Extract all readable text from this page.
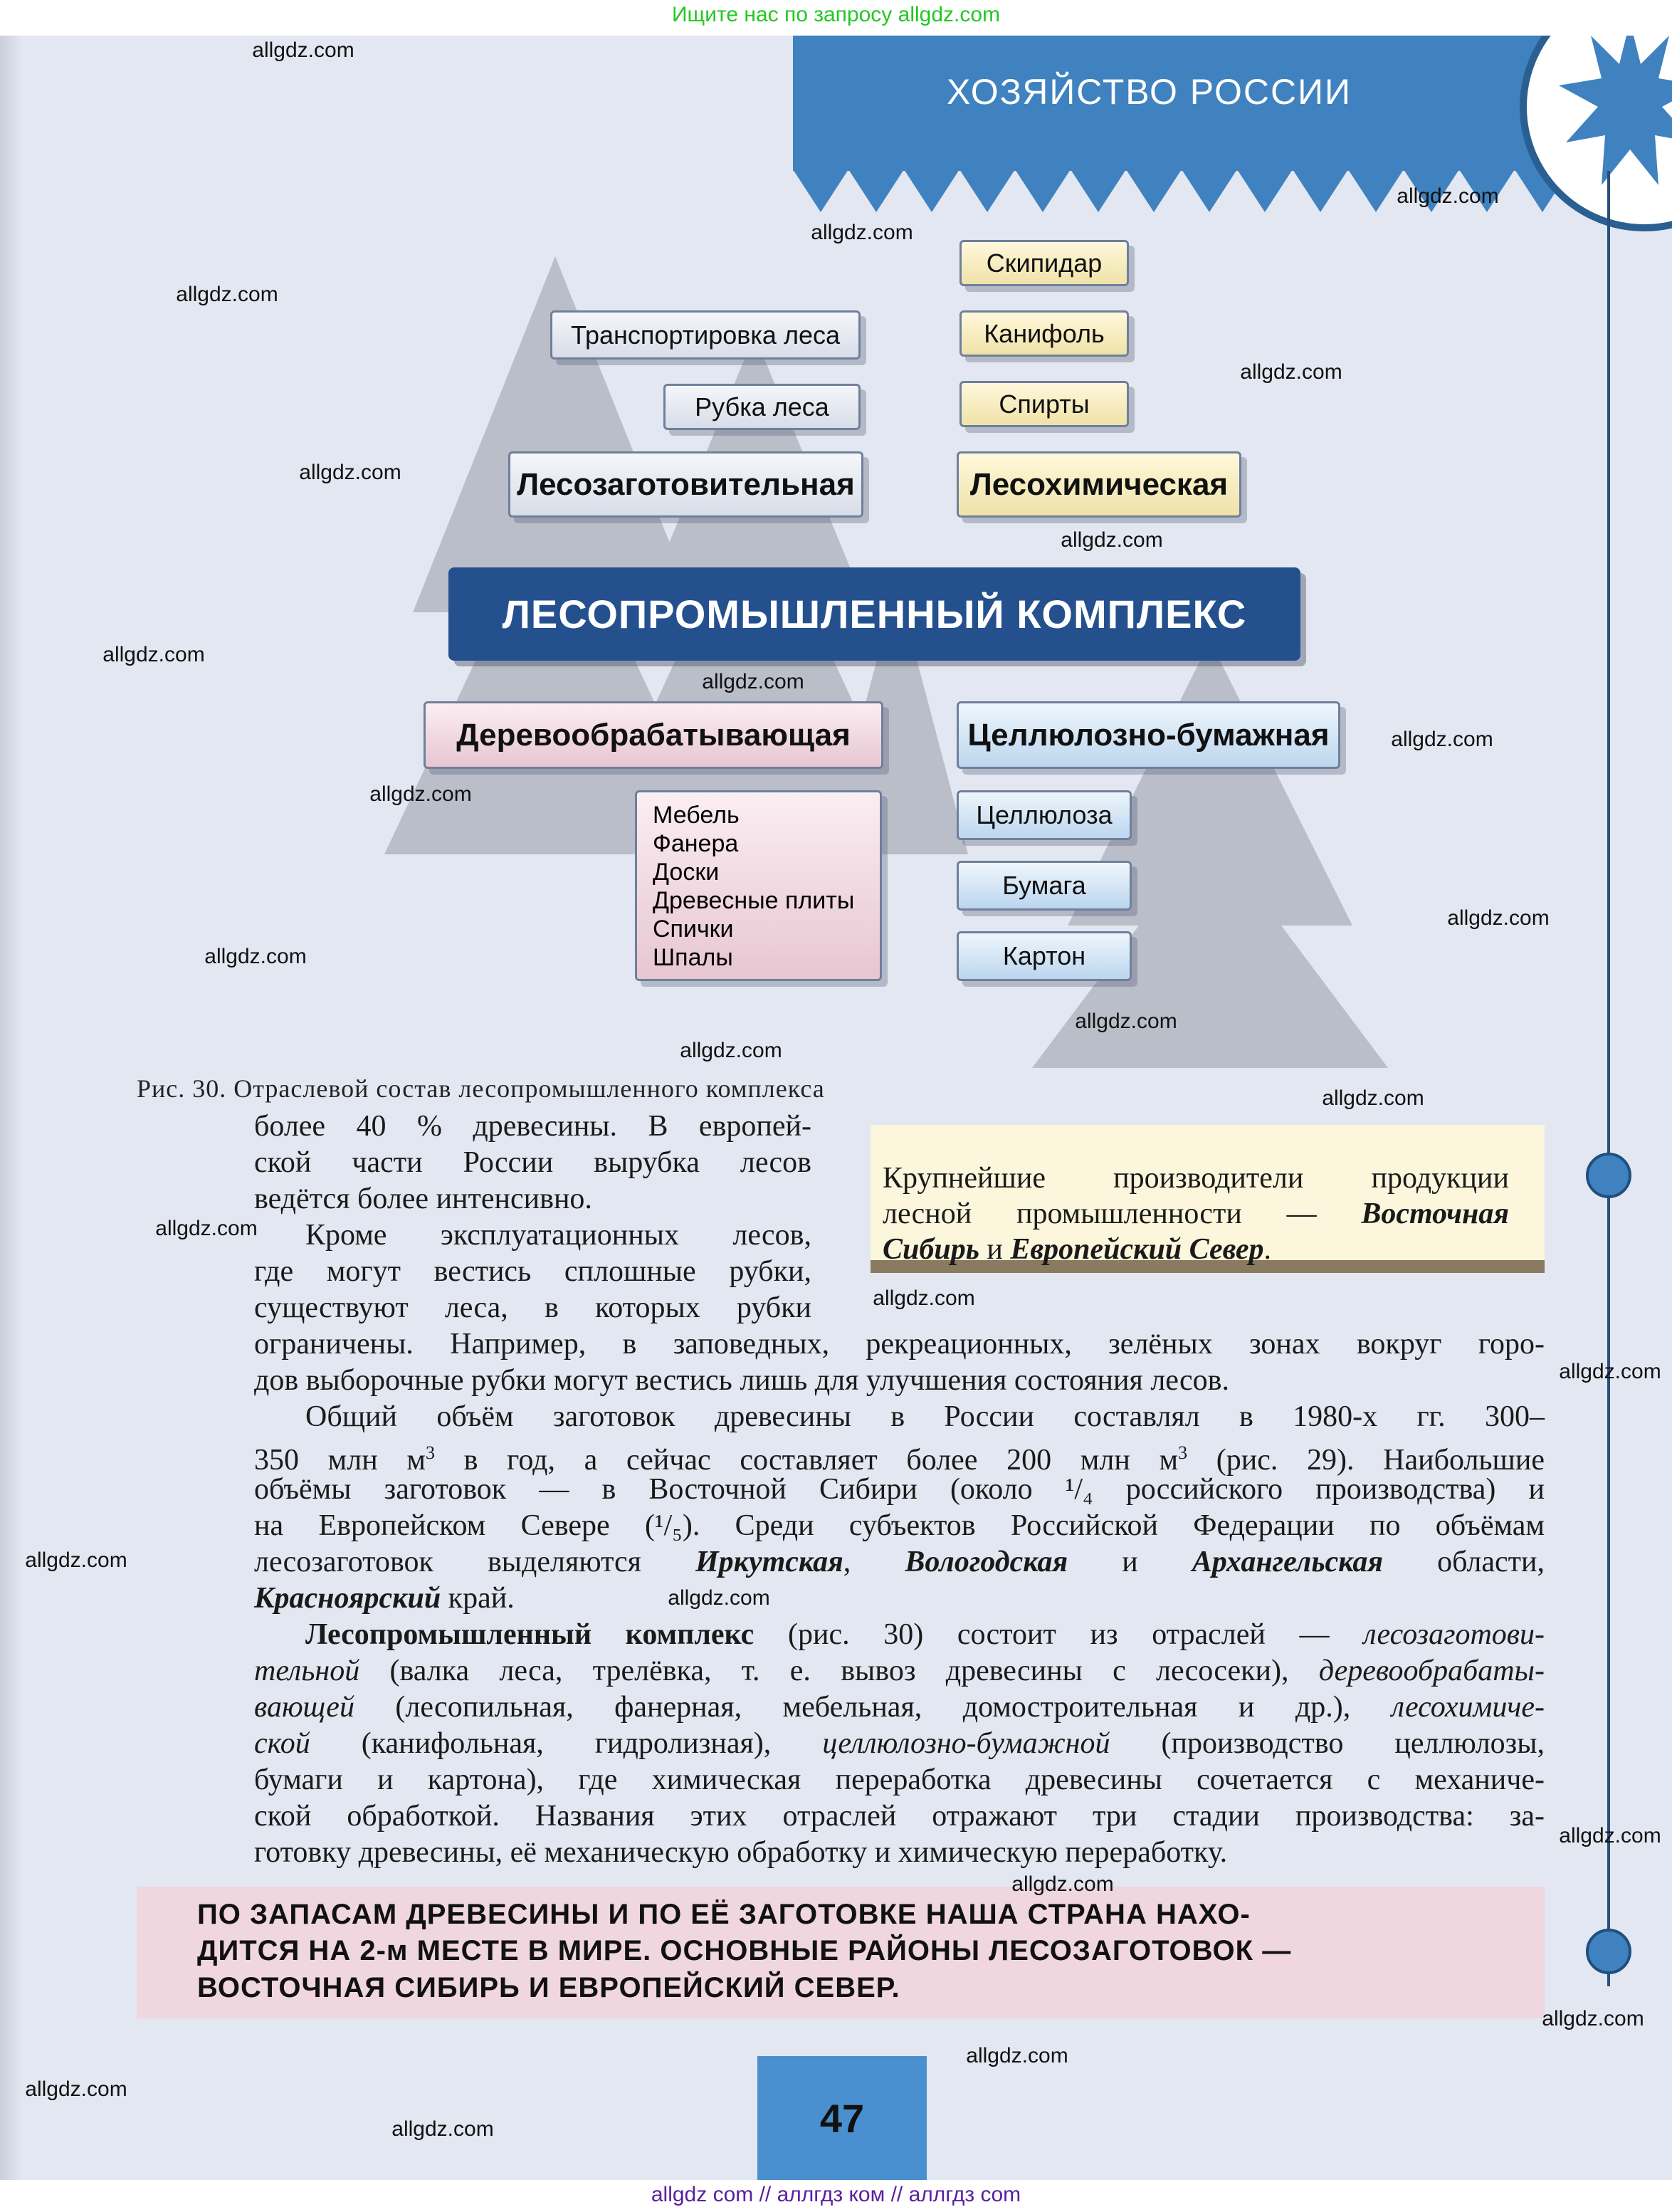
Ищите нас по запросу allgdz.com
ХОЗЯЙСТВО РОССИИ
Скипидар
Канифоль
Спирты
Транспортировка леса
Рубка леса
Лесозаготовительная	Лесохимическая
ЛЕСОПРОМЫШЛЕННЫЙ КОМПЛЕКС
Деревообрабатывающая	Целлюлозно-бумажная
Мебель
Фанера
Доски
Древесные плиты
Спички
Шпалы
Целлюлоза
Бумага
Картон
Рис. 30. Отраслевой состав лесопромышленного комплекса
Крупнейшие производители продукции
лесной промышленности — Восточная
Сибирь и Европейский Север.
более 40 % древесины. В европей-
ской части России вырубка лесов
ведётся более интенсивно.
Кроме эксплуатационных лесов,
где могут вестись сплошные рубки,
существуют леса, в которых рубки
ограничены. Например, в заповедных, рекреационных, зелёных зонах вокруг горо-
дов выборочные рубки могут вестись лишь для улучшения состояния лесов.
Общий объём заготовок древесины в России составлял в 1980-х гг. 300–
350 млн $м^3$ в год, а сейчас составляет более 200 млн $м^3$ (рис. 29). Наибольшие
объёмы заготовок — в Восточной Сибири (около ¹/₄ российского производства) и
на Европейском Севере (¹/₅). Среди субъектов Российской Федерации по объёмам
лесозаготовок выделяются Иркутская, Вологодская и Архангельская области,
Красноярский край.
Лесопромышленный комплекс (рис. 30) состоит из отраслей — лесозаготови-
тельной (валка леса, трелёвка, т. е. вывоз древесины с лесосеки), деревообрабаты-
вающей (лесопильная, фанерная, мебельная, домостроительная и др.), лесохимиче-
ской (канифольная, гидролизная), целлюлозно-бумажной (производство целлюлозы,
бумаги и картона), где химическая переработка древесины сочетается с механиче-
ской обработкой. Названия этих отраслей отражают три стадии производства: за-
готовку древесины, её механическую обработку и химическую переработку.
ПО ЗАПАСАМ ДРЕВЕСИНЫ И ПО ЕЁ ЗАГОТОВКЕ НАША СТРАНА НАХО-
ДИТСЯ НА 2-м МЕСТЕ В МИРЕ. ОСНОВНЫЕ РАЙОНЫ ЛЕСОЗАГОТОВОК —
ВОСТОЧНАЯ СИБИРЬ И ЕВРОПЕЙСКИЙ СЕВЕР.
47
allgdz.com
allgdz.com
allgdz.com
allgdz.com
allgdz.com
allgdz.com
allgdz.com
allgdz.com
allgdz.com
allgdz.com
allgdz.com
allgdz.com
allgdz.com
allgdz.com
allgdz.com
allgdz.com
allgdz.com
allgdz.com
allgdz.com
allgdz.com
allgdz.com
allgdz.com
allgdz.com
allgdz.com
allgdz.com
allgdz.com
allgdz.com
allgdz com // аллгдз ком // аллгдз com
